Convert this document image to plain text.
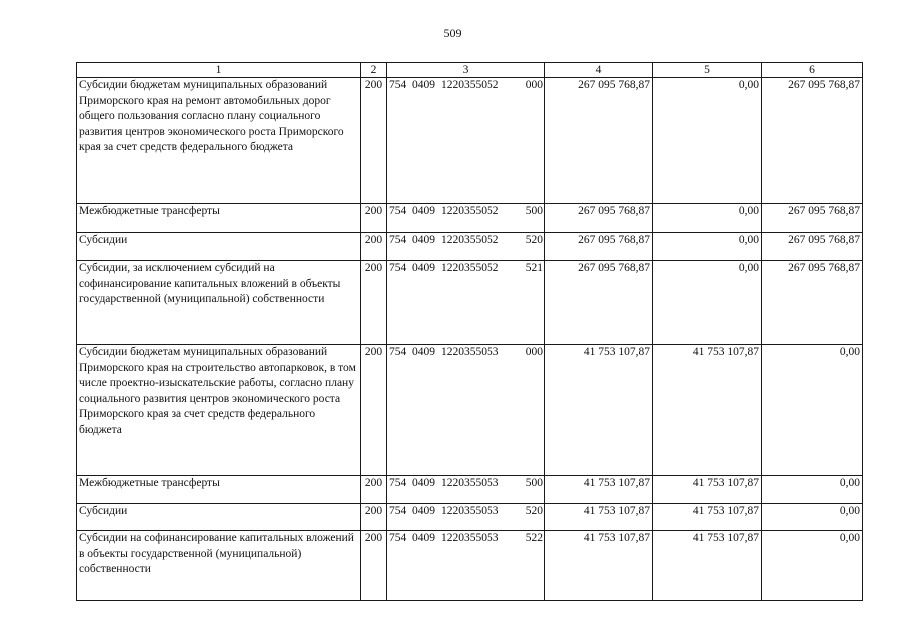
509
1	2	3	4	5	6
Субсидии бюджетам муниципальных образований Приморского края на ремонт автомобильных дорог общего пользования согласно плану социального развития центров экономического роста Приморского края за счет средств федерального бюджета	200	754 0409 1220355052 000	267 095 768,87	0,00	267 095 768,87
Межбюджетные трансферты	200	754 0409 1220355052 500	267 095 768,87	0,00	267 095 768,87
Субсидии	200	754 0409 1220355052 520	267 095 768,87	0,00	267 095 768,87
Субсидии, за исключением субсидий на софинансирование капитальных вложений в объекты государственной (муниципальной) собственности	200	754 0409 1220355052 521	267 095 768,87	0,00	267 095 768,87
Субсидии бюджетам муниципальных образований Приморского края на строительство автопарковок, в том числе проектно-изыскательские работы, согласно плану социального развития центров экономического роста Приморского края за счет средств федерального бюджета	200	754 0409 1220355053 000	41 753 107,87	41 753 107,87	0,00
Межбюджетные трансферты	200	754 0409 1220355053 500	41 753 107,87	41 753 107,87	0,00
Субсидии	200	754 0409 1220355053 520	41 753 107,87	41 753 107,87	0,00
Субсидии на софинансирование капитальных вложений в объекты государственной (муниципальной) собственности	200	754 0409 1220355053 522	41 753 107,87	41 753 107,87	0,00
